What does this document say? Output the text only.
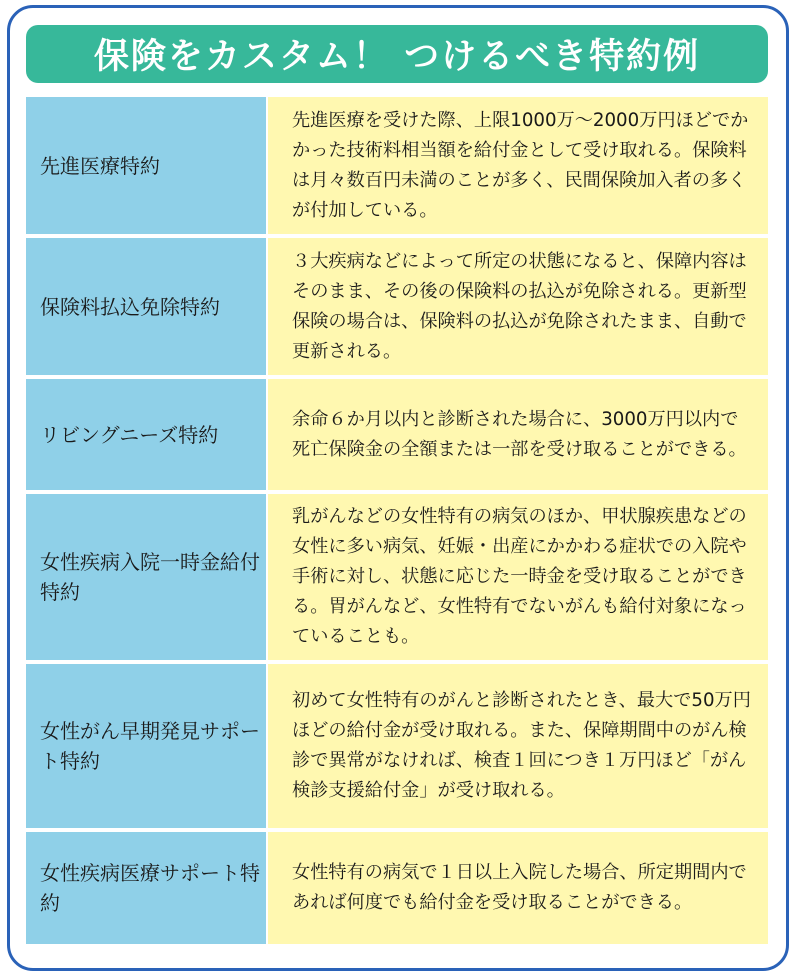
保険をカスタム！ つけるべき特約例
先進医療特約
先進医療を受けた際、上限1000万〜2000万円ほどでかかった技術料相当額を給付金として受け取れる。保険料は月々数百円未満のことが多く、民間保険加入者の多くが付加している。
保険料払込免除特約
３大疾病などによって所定の状態になると、保障内容はそのまま、その後の保険料の払込が免除される。更新型保険の場合は、保険料の払込が免除されたまま、自動で更新される。
リビングニーズ特約
余命６か月以内と診断された場合に、3000万円以内で死亡保険金の全額または一部を受け取ることができる。
女性疾病入院一時金給付特約
乳がんなどの女性特有の病気のほか、甲状腺疾患などの女性に多い病気、妊娠・出産にかかわる症状での入院や手術に対し、状態に応じた一時金を受け取ることができる。胃がんなど、女性特有でないがんも給付対象になっていることも。
女性がん早期発見サポート特約
初めて女性特有のがんと診断されたとき、最大で50万円ほどの給付金が受け取れる。また、保障期間中のがん検診で異常がなければ、検査１回につき１万円ほど「がん検診支援給付金」が受け取れる。
女性疾病医療サポート特約
女性特有の病気で１日以上入院した場合、所定期間内であれば何度でも給付金を受け取ることができる。
